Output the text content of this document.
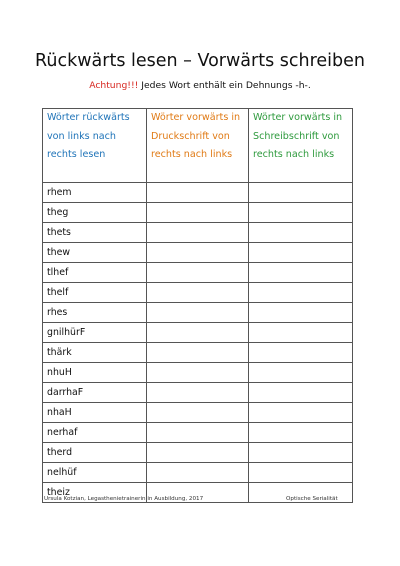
Rückwärts lesen – Vorwärts schreiben
Achtung!!! Jedes Wort enthält ein Dehnungs -h-.
Wörter rückwärts von links nach rechts lesen	Wörter vorwärts in Druckschrift von rechts nach links	Wörter vorwärts in Schreibschrift von rechts nach links
rhem		
theg		
thets		
thew		
tlhef		
thelf		
rhes		
gnilhürF		
thärk		
nhuH		
darrhaF		
nhaH		
nerhaf		
therd		
nelhüf		
theiz		
Ursula Kotzian, Legasthenietrainerin in Ausbildung, 2017	Optische Serialität
